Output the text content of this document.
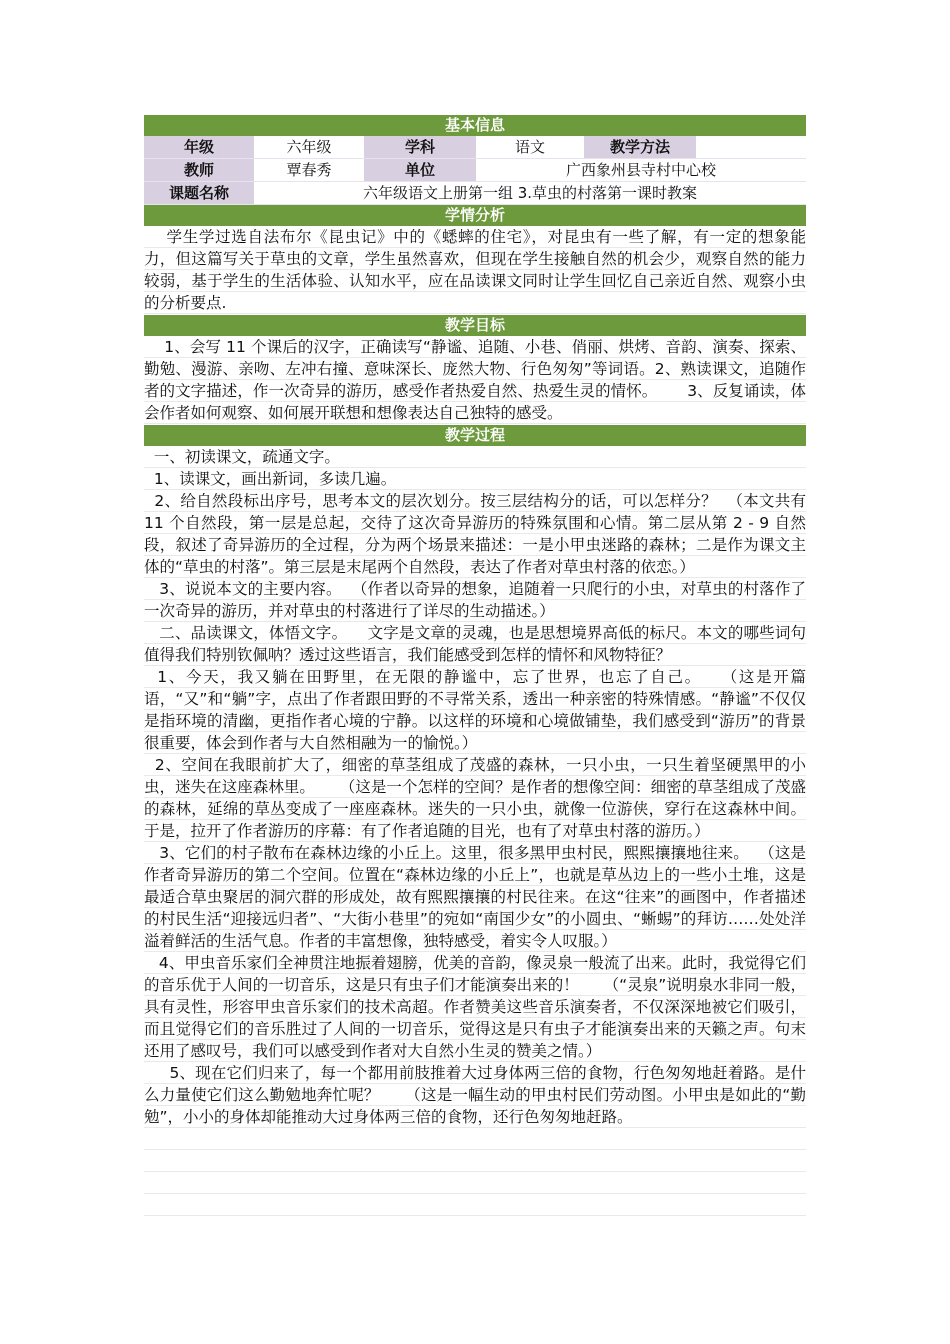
基本信息
年级	六年级	学科	语文	教学方法
教师	覃春秀	单位	广西象州县寺村中心校
课题名称	六年级语文上册第一组 3.草虫的村落第一课时教案
学情分析

学生学过选自法布尔《昆虫记》中的《蟋蟀的住宅》，对昆虫有一些了解，有一定的想象能力，但这篇写关于草虫的文章，学生虽然喜欢，但现在学生接触自然的机会少，观察自然的能力较弱，基于学生的生活体验、认知水平，应在品读课文同时让学生回忆自己亲近自然、观察小虫的分析要点.

教学目标

1、会写 11 个课后的汉字，正确读写“静谧、追随、小巷、俏丽、烘烤、音韵、演奏、探索、勤勉、漫游、亲吻、左冲右撞、意味深长、庞然大物、行色匆匆”等词语。2、熟读课文，追随作者的文字描述，作一次奇异的游历，感受作者热爱自然、热爱生灵的情怀。      3、反复诵读，体会作者如何观察、如何展开联想和想像表达自己独特的感受。

教学过程

一、初读课文，疏通文字。
1、读课文，画出新词，多读几遍。
2、给自然段标出序号，思考本文的层次划分。按三层结构分的话，可以怎样分？  （本文共有 11 个自然段，第一层是总起，交待了这次奇异游历的特殊氛围和心情。第二层从第 2 - 9 自然段，叙述了奇异游历的全过程，分为两个场景来描述：一是小甲虫迷路的森林；二是作为课文主体的“草虫的村落”。第三层是末尾两个自然段，表达了作者对草虫村落的依恋。）
3、说说本文的主要内容。  （作者以奇异的想象，追随着一只爬行的小虫，对草虫的村落作了一次奇异的游历，并对草虫的村落进行了详尽的生动描述。）
二、品读课文，体悟文字。    文字是文章的灵魂，也是思想境界高低的标尺。本文的哪些词句值得我们特别钦佩呐？透过这些语言，我们能感受到怎样的情怀和风物特征？
1、今天，我又躺在田野里，在无限的静谧中，忘了世界，也忘了自己。   （这是开篇语，“又”和“躺”字，点出了作者跟田野的不寻常关系，透出一种亲密的特殊情感。“静谧”不仅仅是指环境的清幽，更指作者心境的宁静。以这样的环境和心境做铺垫，我们感受到“游历”的背景很重要，体会到作者与大自然相融为一的愉悦。）
2、空间在我眼前扩大了，细密的草茎组成了茂盛的森林，一只小虫，一只生着坚硬黑甲的小虫，迷失在这座森林里。     （这是一个怎样的空间？是作者的想像空间：细密的草茎组成了茂盛的森林，延绵的草丛变成了一座座森林。迷失的一只小虫，就像一位游侠，穿行在这森林中间。于是，拉开了作者游历的序幕：有了作者追随的目光，也有了对草虫村落的游历。）
3、它们的村子散布在森林边缘的小丘上。这里，很多黑甲虫村民，熙熙攘攘地往来。  （这是作者奇异游历的第二个空间。位置在“森林边缘的小丘上”，也就是草丛边上的一些小土堆，这是最适合草虫聚居的洞穴群的形成处，故有熙熙攘攘的村民往来。在这“往来”的画图中，作者描述的村民生活“迎接远归者”、“大街小巷里”的宛如“南国少女”的小圆虫、“蜥蜴”的拜访……处处洋溢着鲜活的生活气息。作者的丰富想像，独特感受，着实令人叹服。）
4、甲虫音乐家们全神贯注地振着翅膀，优美的音韵，像灵泉一般流了出来。此时，我觉得它们的音乐优于人间的一切音乐，这是只有虫子们才能演奏出来的！     （“灵泉”说明泉水非同一般，具有灵性，形容甲虫音乐家们的技术高超。作者赞美这些音乐演奏者，不仅深深地被它们吸引，而且觉得它们的音乐胜过了人间的一切音乐，觉得这是只有虫子才能演奏出来的天籁之声。句末还用了感叹号，我们可以感受到作者对大自然小生灵的赞美之情。）
5、现在它们归来了，每一个都用前肢推着大过身体两三倍的食物，行色匆匆地赶着路。是什么力量使它们这么勤勉地奔忙呢？     （这是一幅生动的甲虫村民们劳动图。小甲虫是如此的“勤勉”，小小的身体却能推动大过身体两三倍的食物，还行色匆匆地赶路。
